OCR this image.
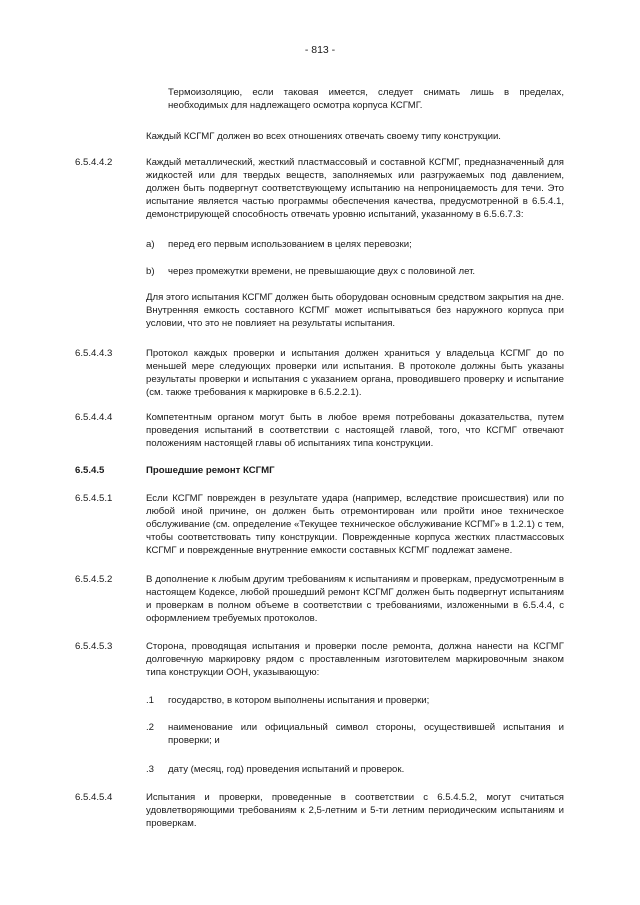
- 813 -
Термоизоляцию, если таковая имеется, следует снимать лишь в пределах, необходимых для надлежащего осмотра корпуса КСГМГ.
Каждый КСГМГ должен во всех отношениях отвечать своему типу конструкции.
6.5.4.4.2	Каждый металлический, жесткий пластмассовый и составной КСГМГ, предназначенный для жидкостей или для твердых веществ, заполняемых или разгружаемых под давлением, должен быть подвергнут соответствующему испытанию на непроницаемость для течи. Это испытание является частью программы обеспечения качества, предусмотренной в 6.5.4.1, демонстрирующей способность отвечать уровню испытаний, указанному в 6.5.6.7.3:
a) перед его первым использованием в целях перевозки;
b) через промежутки времени, не превышающие двух с половиной лет.
Для этого испытания КСГМГ должен быть оборудован основным средством закрытия на дне. Внутренняя емкость составного КСГМГ может испытываться без наружного корпуса при условии, что это не повлияет на результаты испытания.
6.5.4.4.3	Протокол каждых проверки и испытания должен храниться у владельца КСГМГ до по меньшей мере следующих проверки или испытания. В протоколе должны быть указаны результаты проверки и испытания с указанием органа, проводившего проверку и испытание (см. также требования к маркировке в 6.5.2.2.1).
6.5.4.4.4	Компетентным органом могут быть в любое время потребованы доказательства, путем проведения испытаний в соответствии с настоящей главой, того, что КСГМГ отвечают положениям настоящей главы об испытаниях типа конструкции.
6.5.4.5	Прошедшие ремонт КСГМГ
6.5.4.5.1	Если КСГМГ поврежден в результате удара (например, вследствие происшествия) или по любой иной причине, он должен быть отремонтирован или пройти иное техническое обслуживание (см. определение «Текущее техническое обслуживание КСГМГ» в 1.2.1) с тем, чтобы соответствовать типу конструкции. Поврежденные корпуса жестких пластмассовых КСГМГ и поврежденные внутренние емкости составных КСГМГ подлежат замене.
6.5.4.5.2	В дополнение к любым другим требованиям к испытаниям и проверкам, предусмотренным в настоящем Кодексе, любой прошедший ремонт КСГМГ должен быть подвергнут испытаниям и проверкам в полном объеме в соответствии с требованиями, изложенными в 6.5.4.4, с оформлением требуемых протоколов.
6.5.4.5.3	Сторона, проводящая испытания и проверки после ремонта, должна нанести на КСГМГ долговечную маркировку рядом с проставленным изготовителем маркировочным знаком типа конструкции ООН, указывающую:
.1 государство, в котором выполнены испытания и проверки;
.2 наименование или официальный символ стороны, осуществившей испытания и проверки; и
.3 дату (месяц, год) проведения испытаний и проверок.
6.5.4.5.4	Испытания и проверки, проведенные в соответствии с 6.5.4.5.2, могут считаться удовлетворяющими требованиям к 2,5-летним и 5-ти летним периодическим испытаниям и проверкам.
